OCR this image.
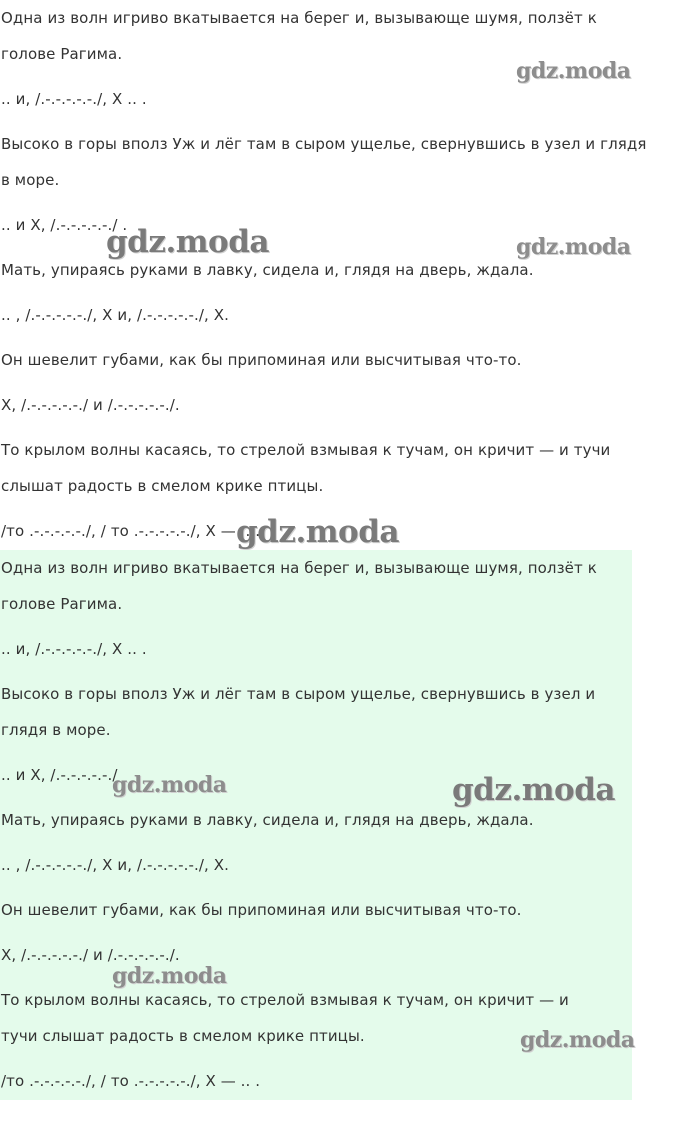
Одна из волн игриво вкатывается на берег и, вызывающе шумя, ползёт к

голове Рагима.

.. и, /.-.-.-.-.-./, Х .. .

Высоко в горы вполз Уж и лёг там в сыром ущелье, свернувшись в узел и глядя

в море.

.. и Х, /.-.-.-.-.-./ .

Мать, упираясь руками в лавку, сидела и, глядя на дверь, ждала.

.. , /.-.-.-.-.-./, Х и, /.-.-.-.-.-./, Х.

Он шевелит губами, как бы припоминая или высчитывая что-то.

Х, /.-.-.-.-.-./ и /.-.-.-.-.-./.

То крылом волны касаясь, то стрелой взмывая к тучам, он кричит — и тучи

слышат радость в смелом крике птицы.

/то .-.-.-.-.-./, / то .-.-.-.-.-./, Х — .. .

Одна из волн игриво вкатывается на берег и, вызывающе шумя, ползёт к

голове Рагима.

.. и, /.-.-.-.-.-./, Х .. .

Высоко в горы вполз Уж и лёг там в сыром ущелье, свернувшись в узел и

глядя в море.

.. и Х, /.-.-.-.-.-./

Мать, упираясь руками в лавку, сидела и, глядя на дверь, ждала.

.. , /.-.-.-.-.-./, Х и, /.-.-.-.-.-./, Х.

Он шевелит губами, как бы припоминая или высчитывая что-то.

Х, /.-.-.-.-.-./ и /.-.-.-.-.-./.

То крылом волны касаясь, то стрелой взмывая к тучам, он кричит — и

тучи слышат радость в смелом крике птицы.

/то .-.-.-.-.-./, / то .-.-.-.-.-./, Х — .. .

gdz.moda
gdz.moda	gdz.moda
gdz.moda
gdz.moda	gdz.moda
gdz.moda
gdz.moda
